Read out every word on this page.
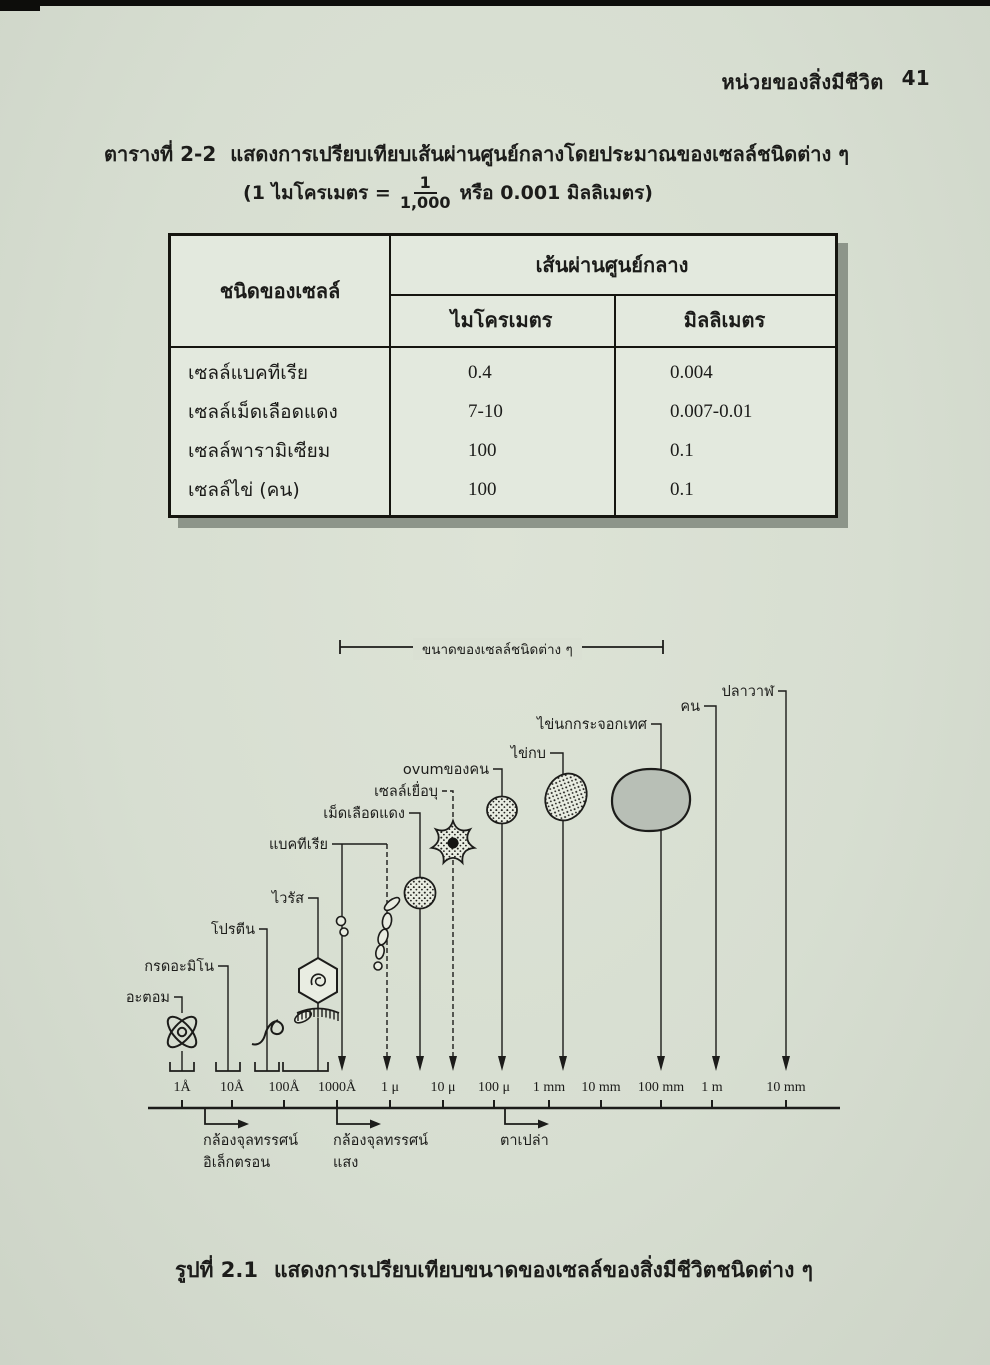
หน่วยของสิ่งมีชีวิต 41
ตารางที่ 2-2 แสดงการเปรียบเทียบเส้นผ่านศูนย์กลางโดยประมาณของเซลล์ชนิดต่าง ๆ
(1 ไมโครเมตร = $\frac{1}{1,000}$ หรือ 0.001 มิลลิเมตร)
ชนิดของเซลล์
เส้นผ่านศูนย์กลาง
ไมโครเมตร	มิลลิเมตร
เซลล์แบคทีเรีย	0.4	0.004
เซลล์เม็ดเลือดแดง	7-10	0.007-0.01
เซลล์พารามิเซียม	100	0.1
เซลล์ไข่ (คน)	100	0.1
ขนาดของเซลล์ชนิดต่าง ๆ
อะตอม
กรดอะมิโน
โปรตีน
ไวรัส
แบคทีเรีย
เม็ดเลือดแดง
เซลล์เยื่อบุ
ovumของคน
ไข่กบ
ไข่นกกระจอกเทศ
คน
ปลาวาฬ
1Å 10Å 100Å 1000Å 1 μ 10 μ 100 μ 1 mm 10 mm 100 mm 1 m	10 mm
กล้องจุลทรรศน์
อิเล็กตรอน
กล้องจุลทรรศน์
แสง
ตาเปล่า
รูปที่ 2.1 แสดงการเปรียบเทียบขนาดของเซลล์ของสิ่งมีชีวิตชนิดต่าง ๆ
